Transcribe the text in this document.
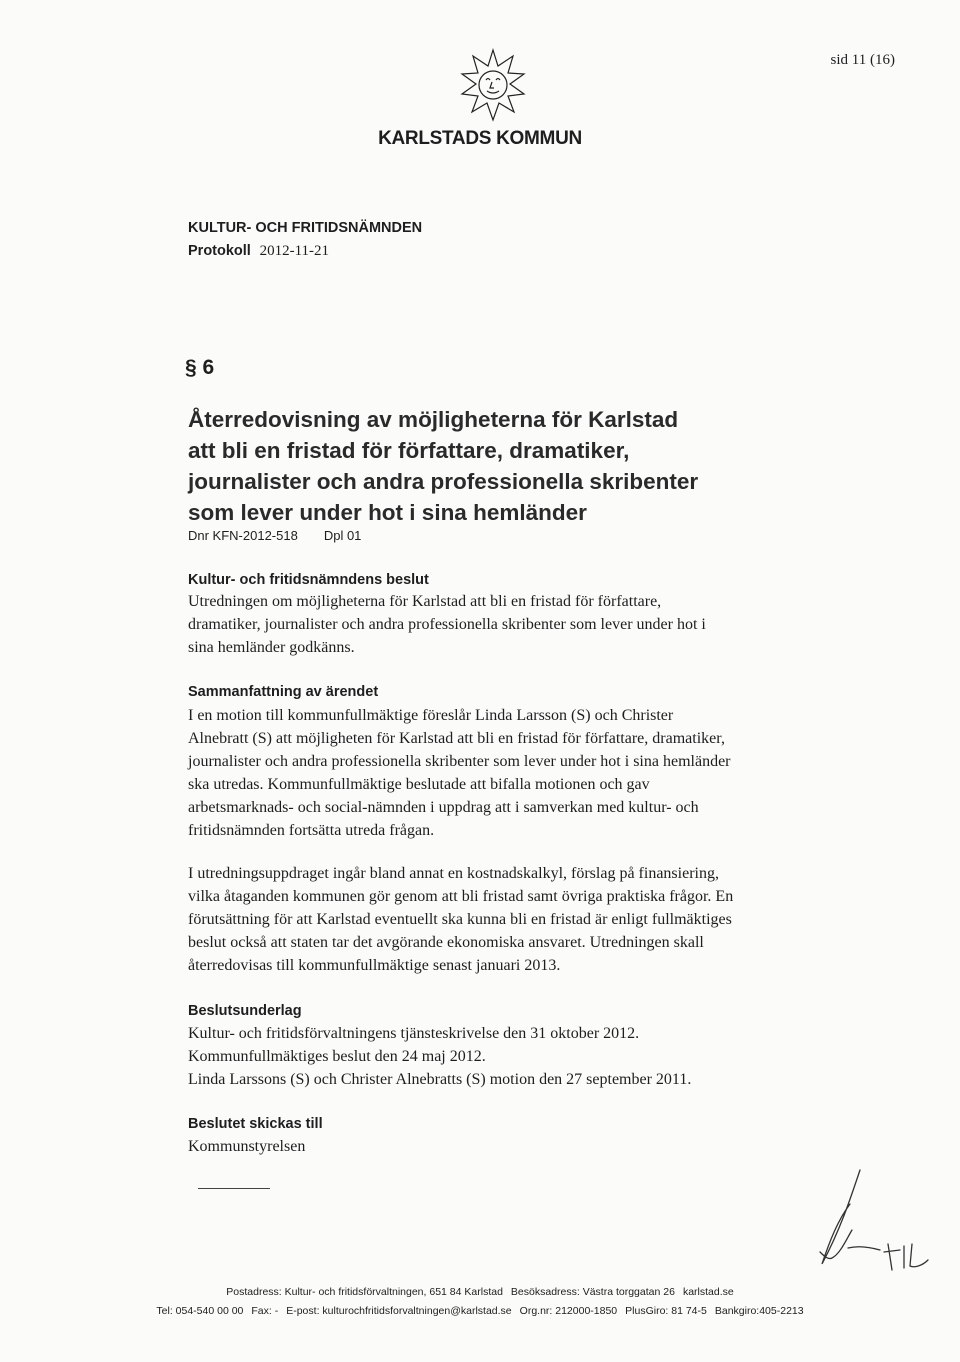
sid 11 (16)
KARLSTADS KOMMUN
KULTUR- OCH FRITIDSNÄMNDEN
Protokoll 2012-11-21
§ 6
Återredovisning av möjligheterna för Karlstad
att bli en fristad för författare, dramatiker,
journalister och andra professionella skribenter
som lever under hot i sina hemländer
Dnr KFN-2012-518 Dpl 01
Kultur- och fritidsnämndens beslut
Utredningen om möjligheterna för Karlstad att bli en fristad för författare,
dramatiker, journalister och andra professionella skribenter som lever under hot i
sina hemländer godkänns.
Sammanfattning av ärendet
I en motion till kommunfullmäktige föreslår Linda Larsson (S) och Christer
Alnebratt (S) att möjligheten för Karlstad att bli en fristad för författare, dramatiker,
journalister och andra professionella skribenter som lever under hot i sina hemländer
ska utredas. Kommunfullmäktige beslutade att bifalla motionen och gav
arbetsmarknads- och social-nämnden i uppdrag att i samverkan med kultur- och
fritidsnämnden fortsätta utreda frågan.
I utredningsuppdraget ingår bland annat en kostnadskalkyl, förslag på finansiering,
vilka åtaganden kommunen gör genom att bli fristad samt övriga praktiska frågor. En
förutsättning för att Karlstad eventuellt ska kunna bli en fristad är enligt fullmäktiges
beslut också att staten tar det avgörande ekonomiska ansvaret. Utredningen skall
återredovisas till kommunfullmäktige senast januari 2013.
Beslutsunderlag
Kultur- och fritidsförvaltningens tjänsteskrivelse den 31 oktober 2012.
Kommunfullmäktiges beslut den 24 maj 2012.
Linda Larssons (S) och Christer Alnebratts (S) motion den 27 september 2011.
Beslutet skickas till
Kommunstyrelsen
Postadress: Kultur- och fritidsförvaltningen, 651 84 Karlstad Besöksadress: Västra torggatan 26 karlstad.se
Tel: 054-540 00 00 Fax: - E-post: kulturochfritidsforvaltningen@karlstad.se Org.nr: 212000-1850 PlusGiro: 81 74-5 Bankgiro:405-2213
